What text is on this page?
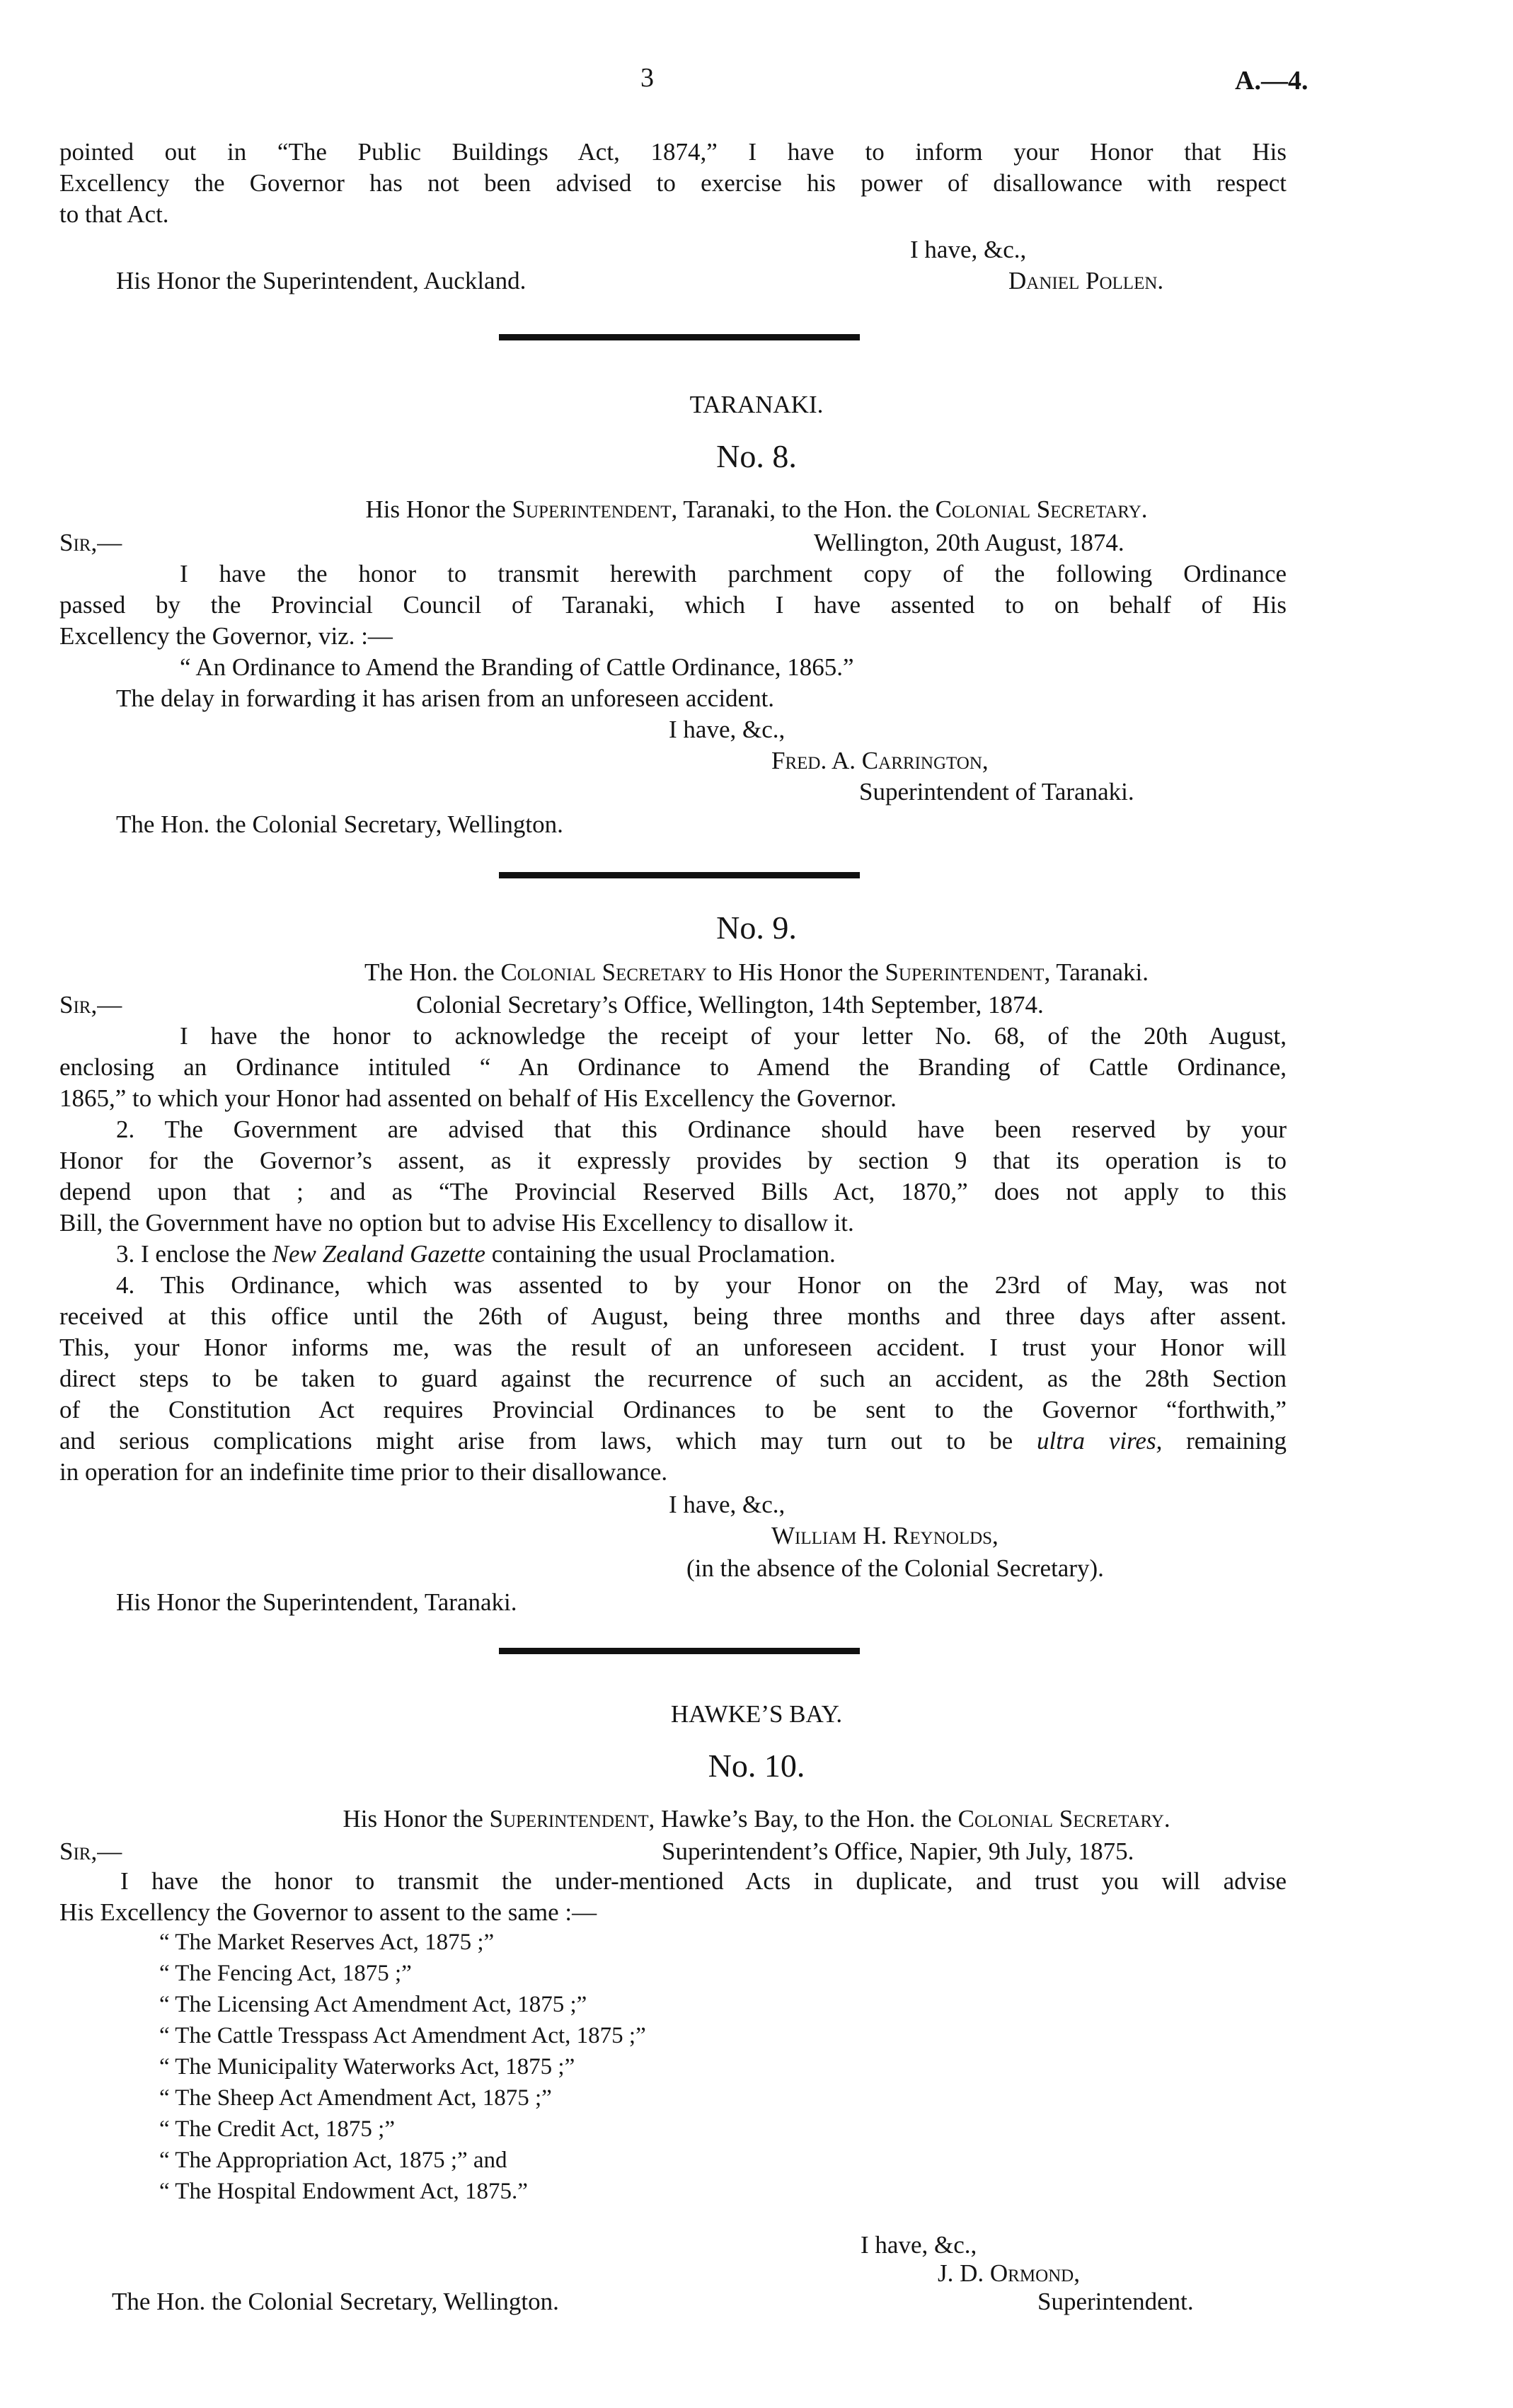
3	A.—4.
pointed out in “The Public Buildings Act, 1874,” I have to inform your Honor that His
Excellency the Governor has not been advised to exercise his power of disallowance with respect
to that Act.
I have, &c.,
His Honor the Superintendent, Auckland.	Daniel Pollen.
TARANAKI.
No. 8.
His Honor the Superintendent, Taranaki, to the Hon. the Colonial Secretary.
Sir,—	Wellington, 20th August, 1874.
I have the honor to transmit herewith parchment copy of the following Ordinance
passed by the Provincial Council of Taranaki, which I have assented to on behalf of His
Excellency the Governor, viz. :—
“ An Ordinance to Amend the Branding of Cattle Ordinance, 1865.”
The delay in forwarding it has arisen from an unforeseen accident.
I have, &c.,
Fred. A. Carrington,
Superintendent of Taranaki.
The Hon. the Colonial Secretary, Wellington.
No. 9.
The Hon. the Colonial Secretary to His Honor the Superintendent, Taranaki.
Sir,—	Colonial Secretary’s Office, Wellington, 14th September, 1874.
I have the honor to acknowledge the receipt of your letter No. 68, of the 20th August,
enclosing an Ordinance intituled “ An Ordinance to Amend the Branding of Cattle Ordinance,
1865,” to which your Honor had assented on behalf of His Excellency the Governor.
2. The Government are advised that this Ordinance should have been reserved by your
Honor for the Governor’s assent, as it expressly provides by section 9 that its operation is to
depend upon that ; and as “The Provincial Reserved Bills Act, 1870,” does not apply to this
Bill, the Government have no option but to advise His Excellency to disallow it.
3. I enclose the New Zealand Gazette containing the usual Proclamation.
4. This Ordinance, which was assented to by your Honor on the 23rd of May, was not
received at this office until the 26th of August, being three months and three days after assent.
This, your Honor informs me, was the result of an unforeseen accident. I trust your Honor will
direct steps to be taken to guard against the recurrence of such an accident, as the 28th Section
of the Constitution Act requires Provincial Ordinances to be sent to the Governor “forthwith,”
and serious complications might arise from laws, which may turn out to be ultra vires, remaining
in operation for an indefinite time prior to their disallowance.
I have, &c.,
William H. Reynolds,
(in the absence of the Colonial Secretary).
His Honor the Superintendent, Taranaki.
HAWKE’S BAY.
No. 10.
His Honor the Superintendent, Hawke’s Bay, to the Hon. the Colonial Secretary.
Sir,—	Superintendent’s Office, Napier, 9th July, 1875.
I have the honor to transmit the under-mentioned Acts in duplicate, and trust you will advise
His Excellency the Governor to assent to the same :—
“ The Market Reserves Act, 1875 ;”
“ The Fencing Act, 1875 ;”
“ The Licensing Act Amendment Act, 1875 ;”
“ The Cattle Tresspass Act Amendment Act, 1875 ;”
“ The Municipality Waterworks Act, 1875 ;”
“ The Sheep Act Amendment Act, 1875 ;”
“ The Credit Act, 1875 ;”
“ The Appropriation Act, 1875 ;” and
“ The Hospital Endowment Act, 1875.”
I have, &c.,
J. D. Ormond,
The Hon. the Colonial Secretary, Wellington.	Superintendent.
